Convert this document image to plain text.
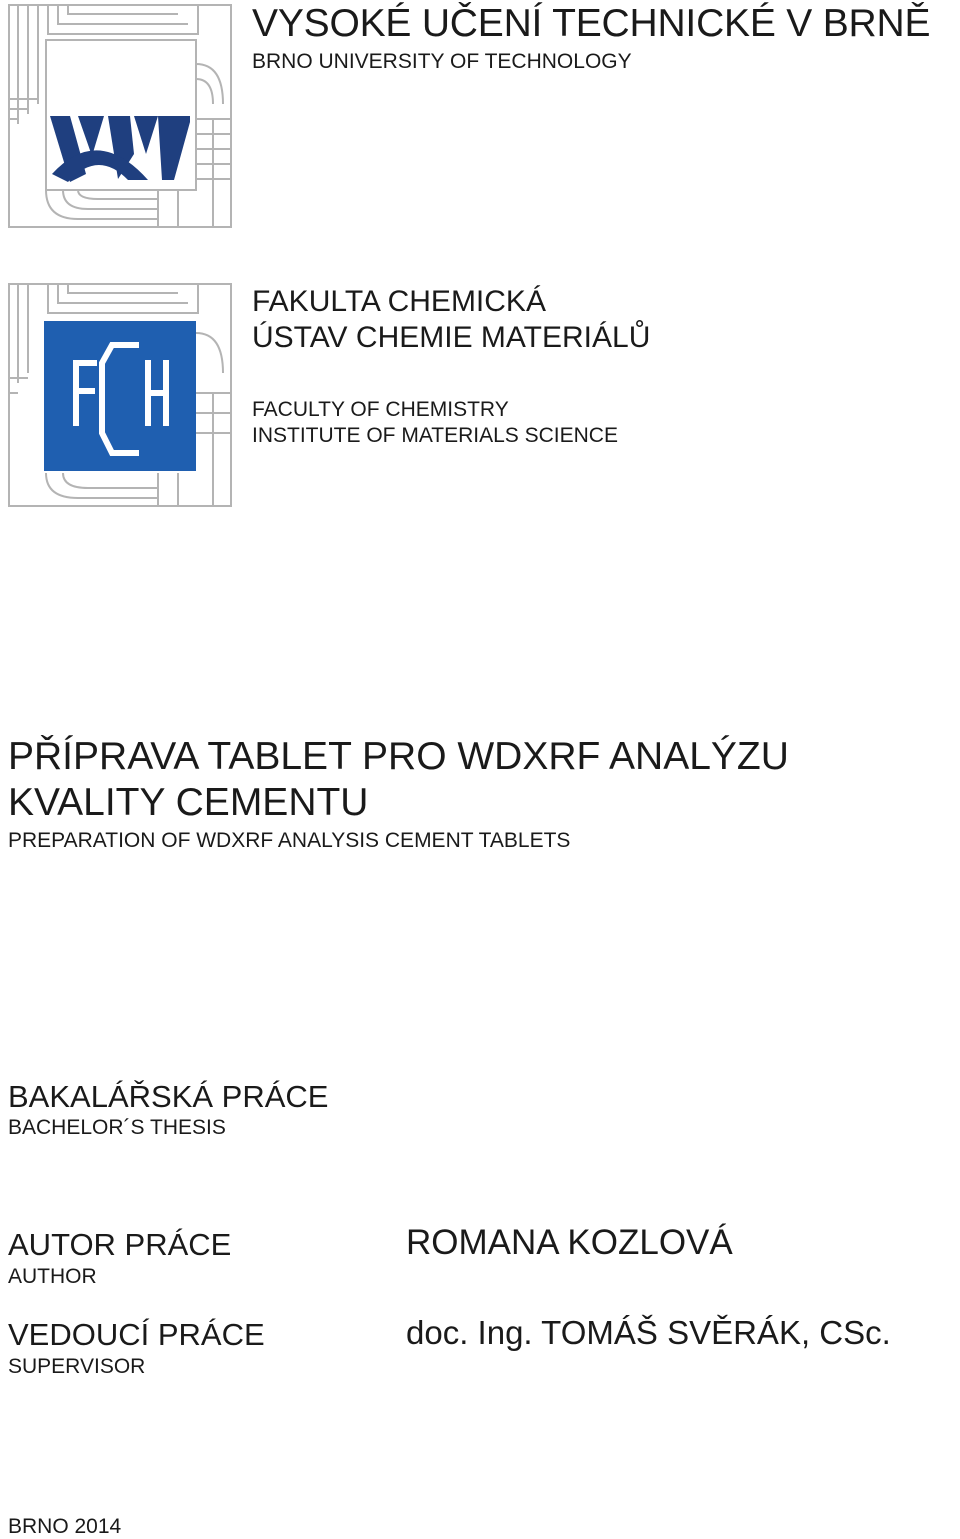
VYSOKÉ UČENÍ TECHNICKÉ V BRNĚ
BRNO UNIVERSITY OF TECHNOLOGY
FAKULTA CHEMICKÁ
ÚSTAV CHEMIE MATERIÁLŮ
FACULTY OF CHEMISTRY
INSTITUTE OF MATERIALS SCIENCE
PŘÍPRAVA TABLET PRO WDXRF ANALÝZU
KVALITY CEMENTU
PREPARATION OF WDXRF ANALYSIS CEMENT TABLETS
BAKALÁŘSKÁ PRÁCE
BACHELOR´S THESIS
AUTOR PRÁCE
AUTHOR
ROMANA KOZLOVÁ
VEDOUCÍ PRÁCE
SUPERVISOR
doc. Ing. TOMÁŠ SVĚRÁK, CSc.
BRNO 2014
